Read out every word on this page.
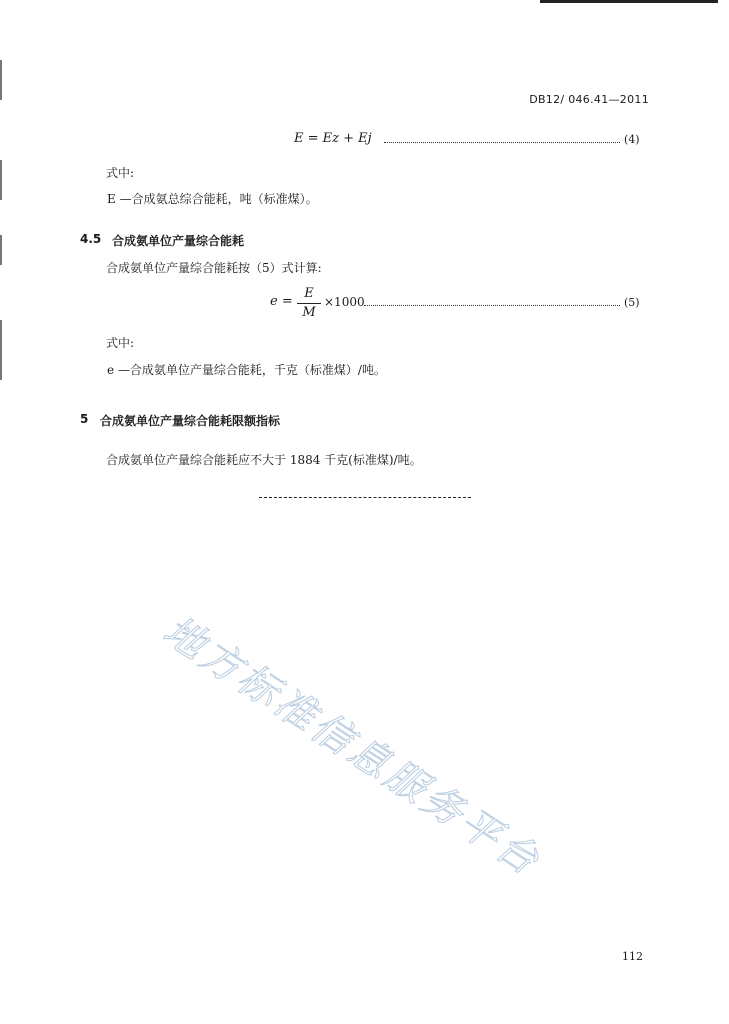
DB12/ 046.41—2011
E = Ez + Ej	(4)
式中:
E —合成氨总综合能耗，吨（标准煤）。
4.5 合成氨单位产量综合能耗
合成氨单位产量综合能耗按（5）式计算:
e =
E
M
×1000	(5)
式中:
e —合成氨单位产量综合能耗，千克（标准煤）/吨。
5 合成氨单位产量综合能耗限额指标
合成氨单位产量综合能耗应不大于 1884 千克(标准煤)/吨。
地方标准信息服务平台
112
